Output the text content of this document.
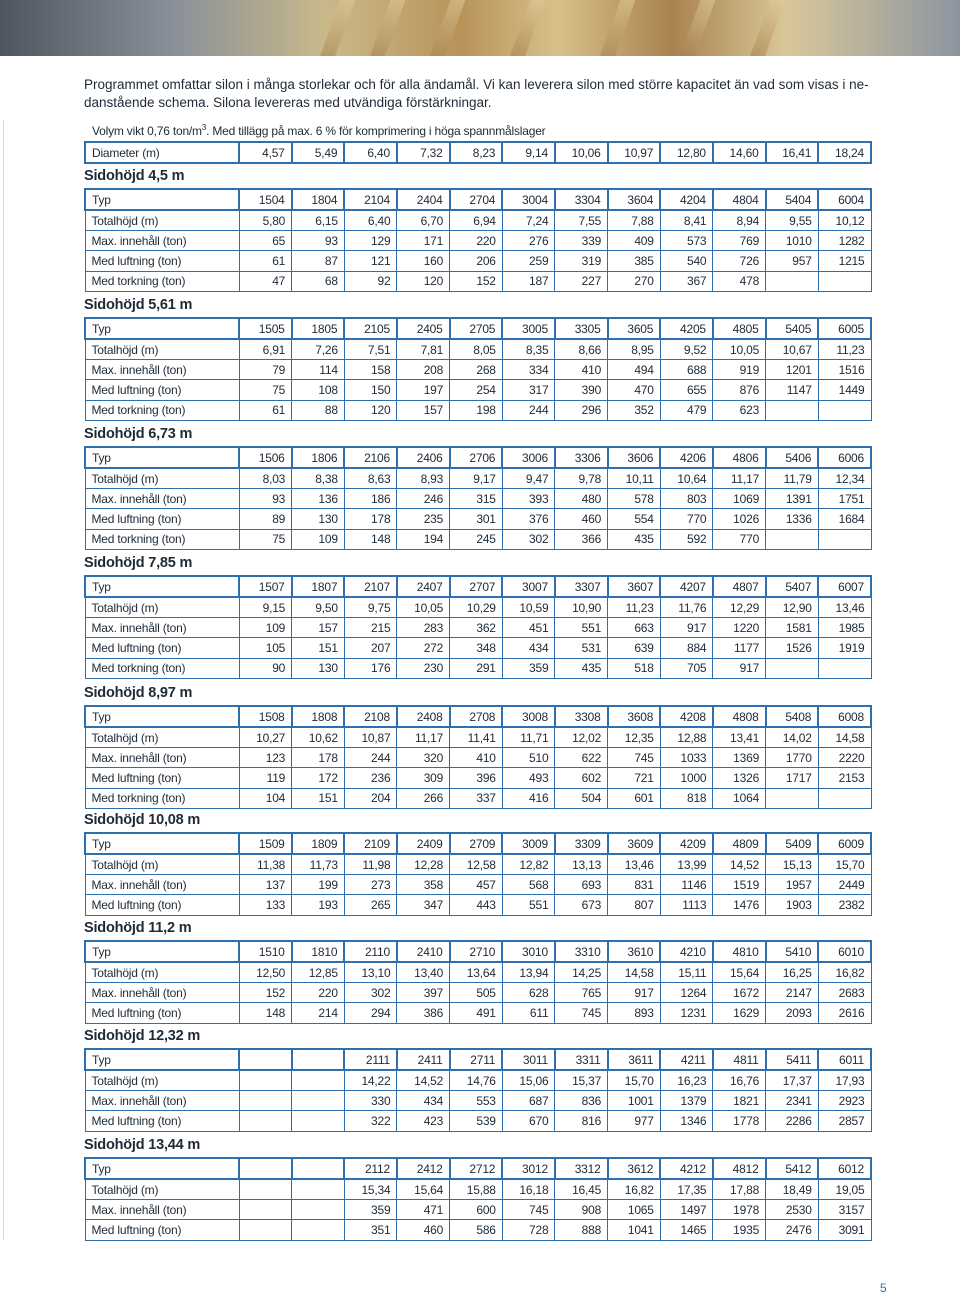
Programmet omfattar silon i många storlekar och för alla ändamål. Vi kan leverera silon med större kapacitet än vad som visas i ne-

danstående schema. Silona levereras med utvändiga förstärkningar.

Volym vikt 0,76 ton/$m^3$. Med tillägg på max. 6 % för komprimering i höga spannmålslager
Diameter (m)	4,57	5,49	6,40	7,32	8,23	9,14	10,06	10,97	12,80	14,60	16,41	18,24
Sidohöjd 4,5 m
Typ	1504	1804	2104	2404	2704	3004	3304	3604	4204	4804	5404	6004
Totalhöjd (m)	5,80	6,15	6,40	6,70	6,94	7,24	7,55	7,88	8,41	8,94	9,55	10,12
Max. innehåll (ton)	65	93	129	171	220	276	339	409	573	769	1010	1282
Med luftning (ton)	61	87	121	160	206	259	319	385	540	726	957	1215
Med torkning (ton)	47	68	92	120	152	187	227	270	367	478		
Sidohöjd 5,61 m
Typ	1505	1805	2105	2405	2705	3005	3305	3605	4205	4805	5405	6005
Totalhöjd (m)	6,91	7,26	7,51	7,81	8,05	8,35	8,66	8,95	9,52	10,05	10,67	11,23
Max. innehåll (ton)	79	114	158	208	268	334	410	494	688	919	1201	1516
Med luftning (ton)	75	108	150	197	254	317	390	470	655	876	1147	1449
Med torkning (ton)	61	88	120	157	198	244	296	352	479	623		
Sidohöjd 6,73 m
Typ	1506	1806	2106	2406	2706	3006	3306	3606	4206	4806	5406	6006
Totalhöjd (m)	8,03	8,38	8,63	8,93	9,17	9,47	9,78	10,11	10,64	11,17	11,79	12,34
Max. innehåll (ton)	93	136	186	246	315	393	480	578	803	1069	1391	1751
Med luftning (ton)	89	130	178	235	301	376	460	554	770	1026	1336	1684
Med torkning (ton)	75	109	148	194	245	302	366	435	592	770		
Sidohöjd 7,85 m
Typ	1507	1807	2107	2407	2707	3007	3307	3607	4207	4807	5407	6007
Totalhöjd (m)	9,15	9,50	9,75	10,05	10,29	10,59	10,90	11,23	11,76	12,29	12,90	13,46
Max. innehåll (ton)	109	157	215	283	362	451	551	663	917	1220	1581	1985
Med luftning (ton)	105	151	207	272	348	434	531	639	884	1177	1526	1919
Med torkning (ton)	90	130	176	230	291	359	435	518	705	917		
Sidohöjd 8,97 m
Typ	1508	1808	2108	2408	2708	3008	3308	3608	4208	4808	5408	6008
Totalhöjd (m)	10,27	10,62	10,87	11,17	11,41	11,71	12,02	12,35	12,88	13,41	14,02	14,58
Max. innehåll (ton)	123	178	244	320	410	510	622	745	1033	1369	1770	2220
Med luftning (ton)	119	172	236	309	396	493	602	721	1000	1326	1717	2153
Med torkning (ton)	104	151	204	266	337	416	504	601	818	1064		
Sidohöjd 10,08 m
Typ	1509	1809	2109	2409	2709	3009	3309	3609	4209	4809	5409	6009
Totalhöjd (m)	11,38	11,73	11,98	12,28	12,58	12,82	13,13	13,46	13,99	14,52	15,13	15,70
Max. innehåll (ton)	137	199	273	358	457	568	693	831	1146	1519	1957	2449
Med luftning (ton)	133	193	265	347	443	551	673	807	1113	1476	1903	2382
Sidohöjd 11,2 m
Typ	1510	1810	2110	2410	2710	3010	3310	3610	4210	4810	5410	6010
Totalhöjd (m)	12,50	12,85	13,10	13,40	13,64	13,94	14,25	14,58	15,11	15,64	16,25	16,82
Max. innehåll (ton)	152	220	302	397	505	628	765	917	1264	1672	2147	2683
Med luftning (ton)	148	214	294	386	491	611	745	893	1231	1629	2093	2616
Sidohöjd 12,32 m
Typ			2111	2411	2711	3011	3311	3611	4211	4811	5411	6011
Totalhöjd (m)			14,22	14,52	14,76	15,06	15,37	15,70	16,23	16,76	17,37	17,93
Max. innehåll (ton)			330	434	553	687	836	1001	1379	1821	2341	2923
Med luftning (ton)			322	423	539	670	816	977	1346	1778	2286	2857
Sidohöjd 13,44 m
Typ			2112	2412	2712	3012	3312	3612	4212	4812	5412	6012
Totalhöjd (m)			15,34	15,64	15,88	16,18	16,45	16,82	17,35	17,88	18,49	19,05
Max. innehåll (ton)			359	471	600	745	908	1065	1497	1978	2530	3157
Med luftning (ton)			351	460	586	728	888	1041	1465	1935	2476	3091
5
